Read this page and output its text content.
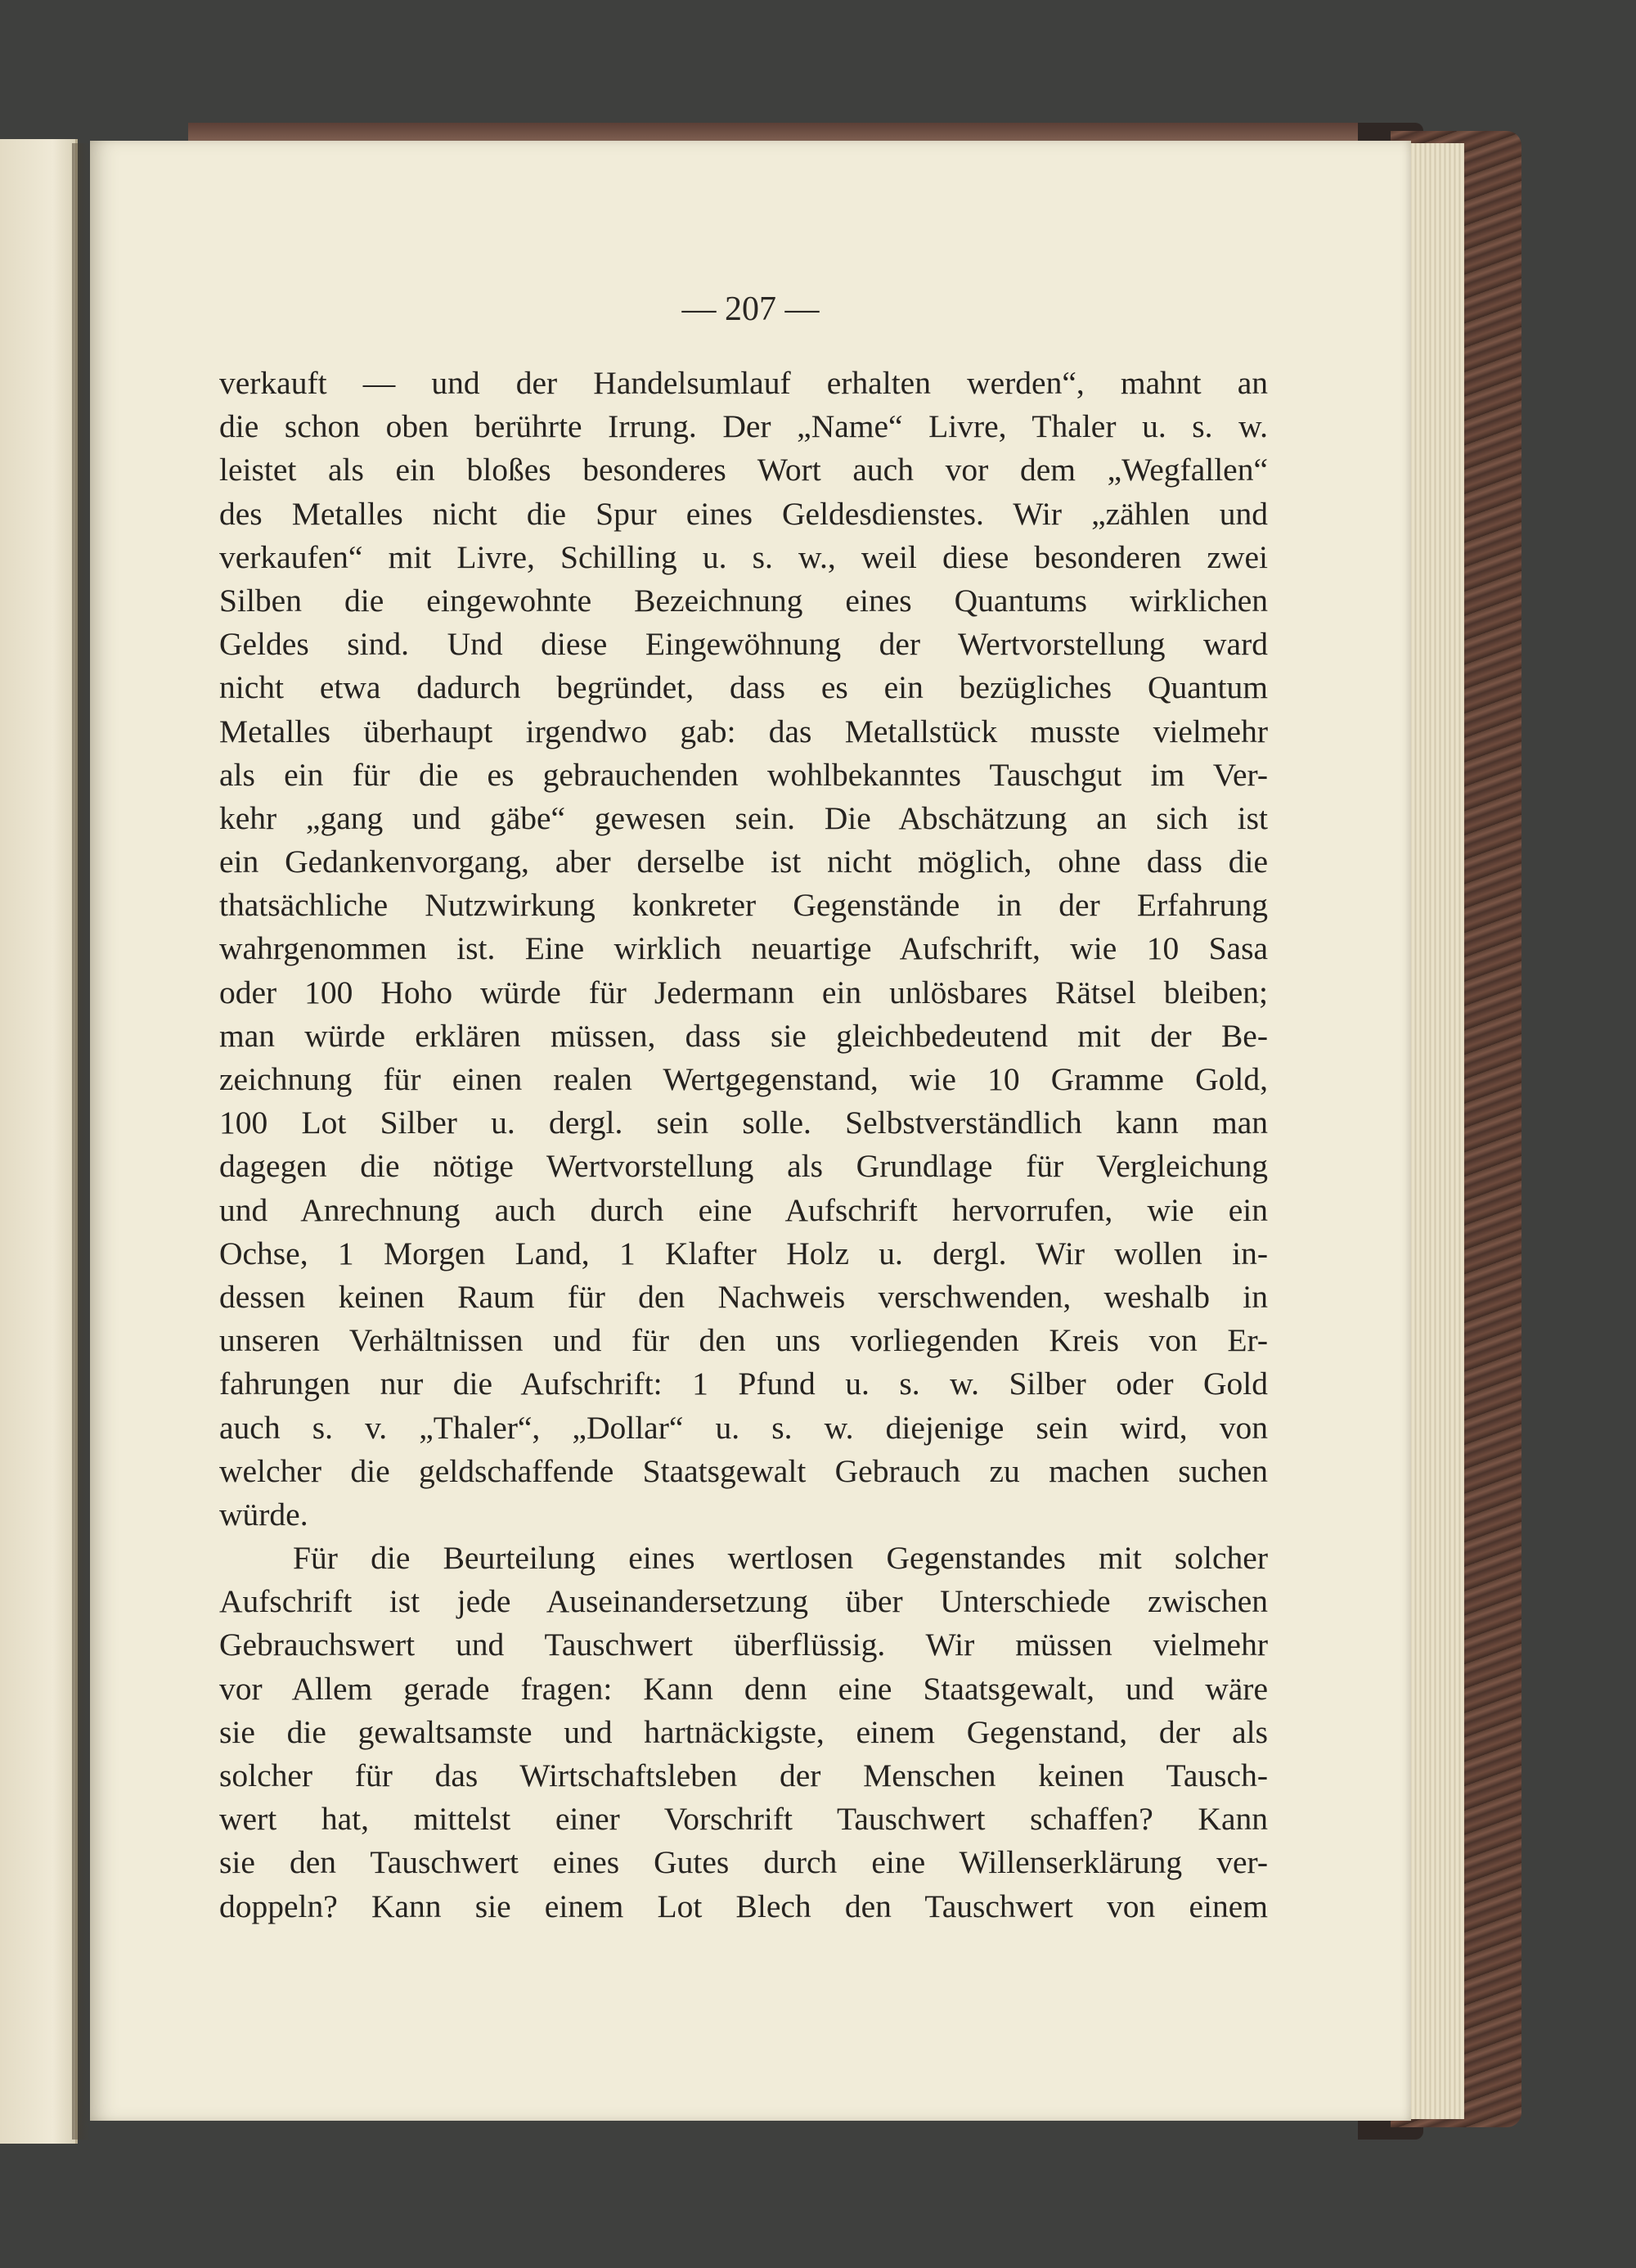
— 207 —
verkauft — und der Handelsumlauf erhalten werden“, mahnt an
die schon oben berührte Irrung. Der „Name“ Livre, Thaler u. s. w.
leistet als ein bloßes besonderes Wort auch vor dem „Wegfallen“
des Metalles nicht die Spur eines Geldesdienstes. Wir „zählen und
verkaufen“ mit Livre, Schilling u. s. w., weil diese besonderen zwei
Silben die eingewohnte Bezeichnung eines Quantums wirklichen
Geldes sind. Und diese Eingewöhnung der Wertvorstellung ward
nicht etwa dadurch begründet, dass es ein bezügliches Quantum
Metalles überhaupt irgendwo gab: das Metallstück musste vielmehr
als ein für die es gebrauchenden wohlbekanntes Tauschgut im Ver-
kehr „gang und gäbe“ gewesen sein. Die Abschätzung an sich ist
ein Gedankenvorgang, aber derselbe ist nicht möglich, ohne dass die
thatsächliche Nutzwirkung konkreter Gegenstände in der Erfahrung
wahrgenommen ist. Eine wirklich neuartige Aufschrift, wie 10 Sasa
oder 100 Hoho würde für Jedermann ein unlösbares Rätsel bleiben;
man würde erklären müssen, dass sie gleichbedeutend mit der Be-
zeichnung für einen realen Wertgegenstand, wie 10 Gramme Gold,
100 Lot Silber u. dergl. sein solle. Selbstverständlich kann man
dagegen die nötige Wertvorstellung als Grundlage für Vergleichung
und Anrechnung auch durch eine Aufschrift hervorrufen, wie ein
Ochse, 1 Morgen Land, 1 Klafter Holz u. dergl. Wir wollen in-
dessen keinen Raum für den Nachweis verschwenden, weshalb in
unseren Verhältnissen und für den uns vorliegenden Kreis von Er-
fahrungen nur die Aufschrift: 1 Pfund u. s. w. Silber oder Gold
auch s. v. „Thaler“, „Dollar“ u. s. w. diejenige sein wird, von
welcher die geldschaffende Staatsgewalt Gebrauch zu machen suchen
würde.
Für die Beurteilung eines wertlosen Gegenstandes mit solcher
Aufschrift ist jede Auseinandersetzung über Unterschiede zwischen
Gebrauchswert und Tauschwert überflüssig. Wir müssen vielmehr
vor Allem gerade fragen: Kann denn eine Staatsgewalt, und wäre
sie die gewaltsamste und hartnäckigste, einem Gegenstand, der als
solcher für das Wirtschaftsleben der Menschen keinen Tausch-
wert hat, mittelst einer Vorschrift Tauschwert schaffen? Kann
sie den Tauschwert eines Gutes durch eine Willenserklärung ver-
doppeln? Kann sie einem Lot Blech den Tauschwert von einem
